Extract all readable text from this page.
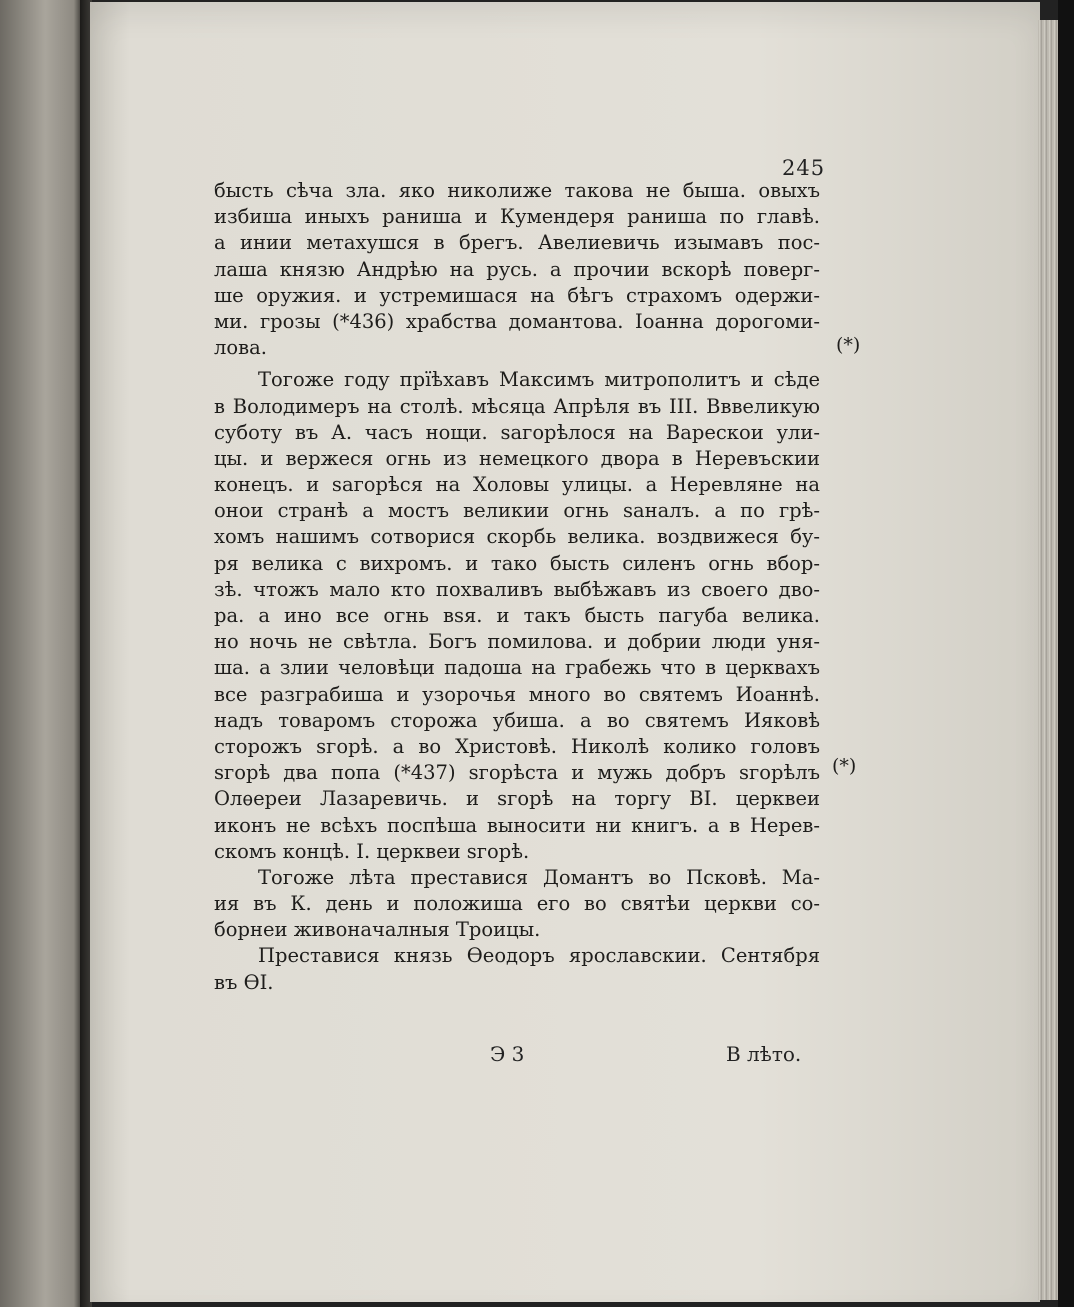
245
бысть сѣча зла. яко николиже такова не быша. овыхъ
избиша иныхъ раниша и Кумендеря раниша по главѣ.
а инии метахушся в брегъ. Авелиевичь изымавъ пос-
лаша князю Андрѣю на русь. а прочии вскорѣ поверг-
ше оружия. и устремишася на бѣгъ страхомъ одержи-
ми. грозы (*436) храбства домантова. Іоанна дорогоми-
лова.
Тогоже году прїѣхавъ Максимъ митрополитъ и сѣде
в Володимеръ на столѣ. мѣсяца Апрѣля въ ІІІ. Вввеликую
суботу въ А. часъ нощи. ѕагорѣлося на Варескои ули-
цы. и вержеся огнь из немецкого двора в Неревъскии
конецъ. и ѕагорѣся на Холовы улицы. а Неревляне на
онои странѣ а мостъ великии огнь ѕаналъ. а по грѣ-
хомъ нашимъ сотворися скорбь велика. воздвижеся бу-
ря велика с вихромъ. и тако бысть силенъ огнь вбор-
зѣ. чтожъ мало кто похваливъ выбѣжавъ из своего дво-
ра. а ино все огнь вѕя. и такъ бысть пагуба велика.
но ночь не свѣтла. Богъ помилова. и добрии люди уня-
ша. а злии человѣци падоша на грабежь что в церквахъ
все разграбиша и узорочья много во святемъ Иоаннѣ.
надъ товаромъ сторожа убиша. а во святемъ Ияковѣ
сторожъ ѕгорѣ. а во Христовѣ. Николѣ колико головъ
ѕгорѣ два попа (*437) ѕгорѣста и мужь добръ ѕгорѣлъ
Олѳереи Лазаревичь. и ѕгорѣ на торгу ВІ. церквеи
иконъ не всѣхъ поспѣша выносити ни книгъ. а в Нерев-
скомъ концѣ. І. церквеи ѕгорѣ.
Тогоже лѣта преставися Домантъ во Псковѣ. Ма-
ия въ К. день и положиша его во святѣи церкви со-
борнеи живоначалныя Троицы.
Преставися князь Ѳеодоръ ярославскии. Сентября
въ ѲІ.
(*)
(*)
Э 3	В лѣто.
